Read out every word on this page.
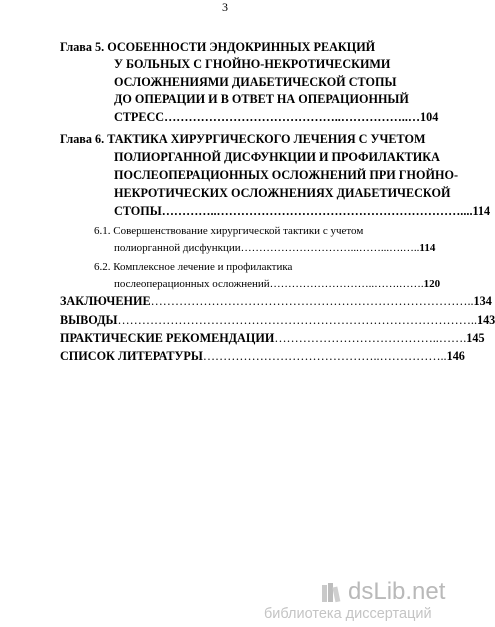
3
Глава 5. ОСОБЕННОСТИ ЭНДОКРИННЫХ РЕАКЦИЙ
У БОЛЬНЫХ С ГНОЙНО-НЕКРОТИЧЕСКИМИ
ОСЛОЖНЕНИЯМИ ДИАБЕТИЧЕСКОЙ СТОПЫ
ДО ОПЕРАЦИИ И В ОТВЕТ НА ОПЕРАЦИОННЫЙ
СТРЕСС ……………………………………..……………..… 104
Глава 6. ТАКТИКА ХИРУРГИЧЕСКОГО ЛЕЧЕНИЯ С УЧЕТОМ
ПОЛИОРГАННОЙ ДИСФУНКЦИИ И ПРОФИЛАКТИКА
ПОСЛЕОПЕРАЦИОННЫХ ОСЛОЖНЕНИЙ ПРИ ГНОЙНО-
НЕКРОТИЧЕСКИХ ОСЛОЖНЕНИЯХ ДИАБЕТИЧЕСКОЙ
СТОПЫ …………..…………………………………………………….... 114
6.1. Совершенствование хирургической тактики с учетом
полиорганной дисфункции …………………………...……...….….. 114
6.2. Комплексное лечение и профилактика
послеоперационных осложнений ………………………..…….……. 120
ЗАКЛЮЧЕНИЕ …………………………………………………………………….. 134
ВЫВОДЫ …………………………………………………………………………….. 143
ПРАКТИЧЕСКИЕ РЕКОМЕНДАЦИИ …………………………………..……. 145
СПИСОК ЛИТЕРАТУРЫ ……………………………………..…………….. 146
dsLib.net
библиотека диссертаций
